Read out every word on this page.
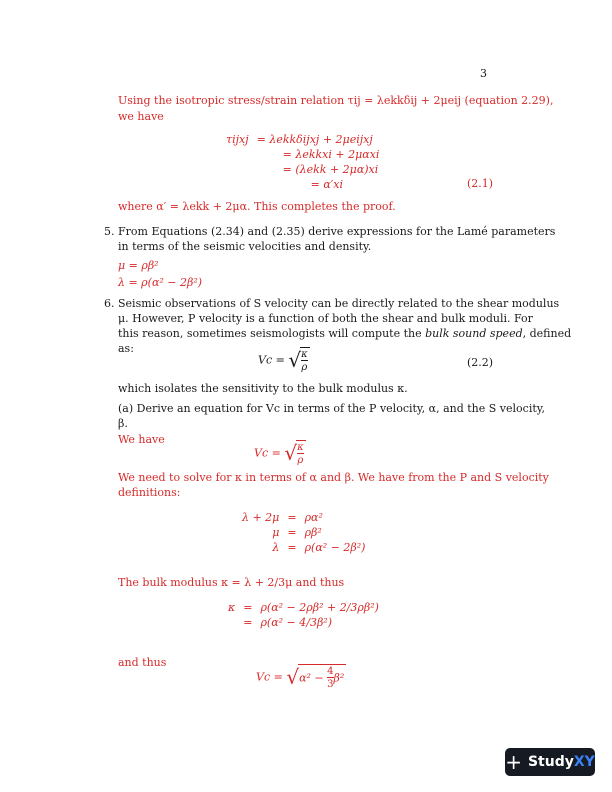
3
Using the isotropic stress/strain relation τij = λekkδij + 2μeij (equation 2.29),
we have
τijxj	= λekkδijxj + 2μeijxj
	= λekkxi + 2μαxi
	= (λekk + 2μα)xi
	= α′xi	(2.1)
where α′ = λekk + 2μα. This completes the proof.
5. From Equations (2.34) and (2.35) derive expressions for the Lamé parameters
in terms of the seismic velocities and density.
μ = ρβ²
λ = ρ(α² − 2β²)
6. Seismic observations of S velocity can be directly related to the shear modulus
μ. However, P velocity is a function of both the shear and bulk moduli. For
this reason, sometimes seismologists will compute the bulk sound speed, defined
as:
Vc = √ $\frac{\kappa}{\rho}$	(2.2)
which isolates the sensitivity to the bulk modulus κ.
(a) Derive an equation for Vc in terms of the P velocity, α, and the S velocity,
β.
We have
Vc = √ $\frac{\kappa}{\rho}$
We need to solve for κ in terms of α and β. We have from the P and S velocity
definitions:
λ + 2μ	=	ρα²
μ	=	ρβ²
λ	=	ρ(α² − 2β²)
The bulk modulus κ = λ + 2/3μ and thus
κ	=	ρ(α² − 2ρβ² + 2/3ρβ²)
	=	ρ(α² − 4/3β²)
and thus
$Vc = √\alpha^2 - \frac{4}{3} \beta^2$
+ StudyXY
